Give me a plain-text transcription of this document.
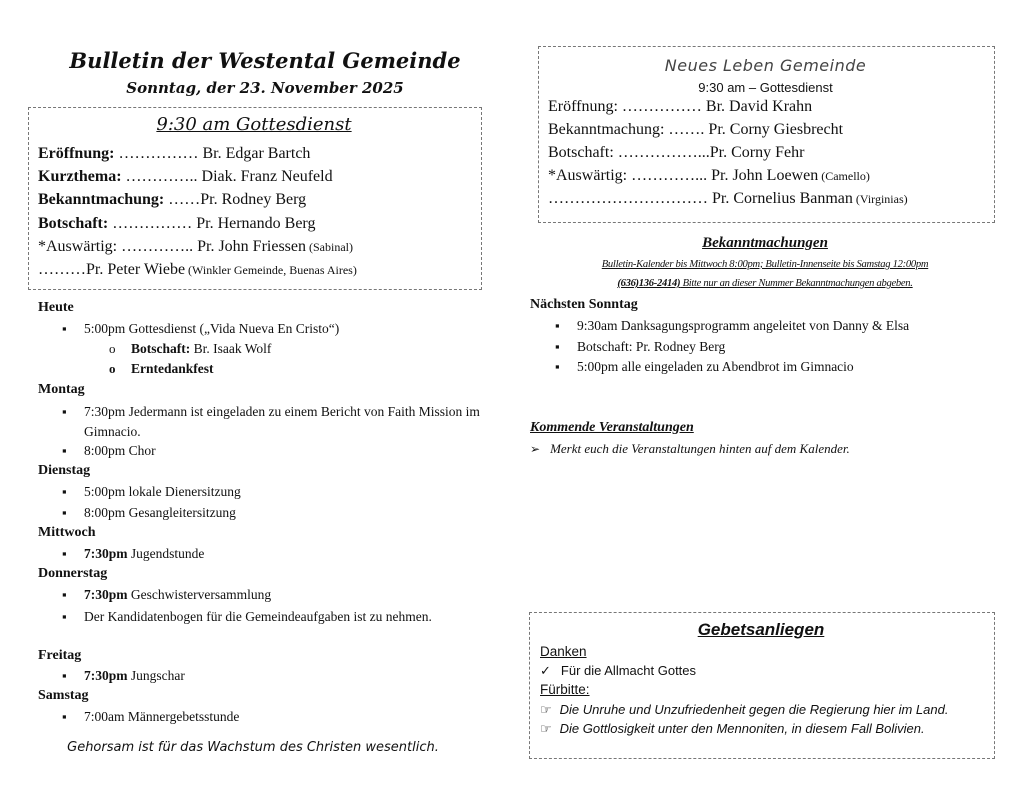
Bulletin der Westental Gemeinde
Sonntag, der 23. November 2025
9:30 am Gottesdienst
Eröffnung: …………… Br. Edgar Bartch
Kurzthema: ………….. Diak. Franz Neufeld
Bekanntmachung: ……Pr. Rodney Berg
Botschaft: …………… Pr. Hernando Berg
*Auswärtig: ………….. Pr. John Friessen (Sabinal)
………Pr. Peter Wiebe (Winkler Gemeinde, Buenas Aires)
Heute
▪ 5:00pm Gottesdienst („Vida Nueva En Cristo“)
o Botschaft: Br. Isaak Wolf
o Erntedankfest
Montag
▪ 7:30pm Jedermann ist eingeladen zu einem Bericht von Faith Mission im Gimnacio.
▪ 8:00pm Chor
Dienstag
▪ 5:00pm lokale Dienersitzung
▪ 8:00pm Gesangleitersitzung
Mittwoch
▪ 7:30pm Jugendstunde
Donnerstag
▪ 7:30pm Geschwisterversammlung
▪ Der Kandidatenbogen für die Gemeindeaufgaben ist zu nehmen.
Freitag
▪ 7:30pm Jungschar
Samstag
▪ 7:00am Männergebetsstunde
Gehorsam ist für das Wachstum des Christen wesentlich.
Neues Leben Gemeinde
9:30 am – Gottesdienst
Eröffnung: …………… Br. David Krahn
Bekanntmachung: ……. Pr. Corny Giesbrecht
Botschaft: ……………...Pr. Corny Fehr
*Auswärtig: …………... Pr. John Loewen (Camello)
………………………… Pr. Cornelius Banman (Virginias)
Bekanntmachungen
Bulletin-Kalender bis Mittwoch 8:00pm; Bulletin-Innenseite bis Samstag 12:00pm
(636)136-2414) Bitte nur an dieser Nummer Bekanntmachungen abgeben.
Nächsten Sonntag
▪ 9:30am Danksagungsprogramm angeleitet von Danny & Elsa
▪ Botschaft: Pr. Rodney Berg
▪ 5:00pm alle eingeladen zu Abendbrot im Gimnacio
Kommende Veranstaltungen
➢ Merkt euch die Veranstaltungen hinten auf dem Kalender.
Gebetsanliegen
Danken
✓ Für die Allmacht Gottes
Fürbitte:
☞ Die Unruhe und Unzufriedenheit gegen die Regierung hier im Land.
☞ Die Gottlosigkeit unter den Mennoniten, in diesem Fall Bolivien.
